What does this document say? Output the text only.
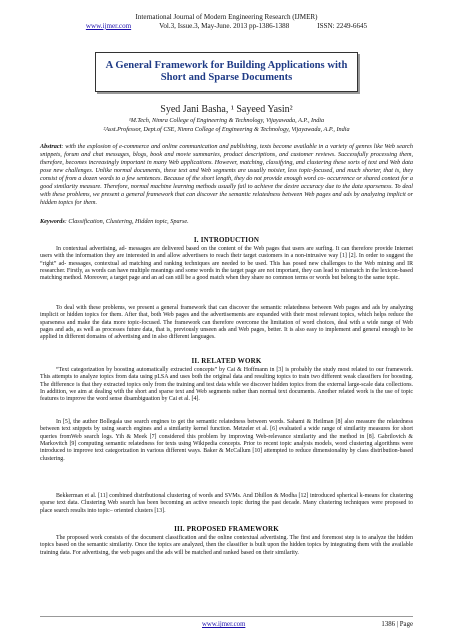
International Journal of Modern Engineering Research (IJMER)
www.ijmer.com	Vol.3, Issue.3, May-June. 2013 pp-1386-1388	ISSN: 2249-6645
A General Framework for Building Applications with Short and Sparse Documents
Syed Jani Basha, ¹ Sayeed Yasin²
¹M.Tech, Nimra College of Engineering & Technology, Vijayawada, A.P., India
²Asst.Professor, Dept.of CSE, Nimra College of Engineering & Technology, Vijayawada, A.P., India
Abstract: with the explosion of e-commerce and online communication and publishing, texts become available in a variety of genres like Web search snippets, forum and chat messages, blogs, book and movie summaries, product descriptions, and customer reviews. Successfully processing them, therefore, becomes increasingly important in many Web applications. However, matching, classifying, and clustering these sorts of text and Web data pose new challenges. Unlike normal documents, these text and Web segments are usually noisier, less topic-focused, and much shorter, that is, they consist of from a dozen words to a few sentences. Because of the short length, they do not provide enough word co- occurrence or shared context for a good similarity measure. Therefore, normal machine learning methods usually fail to achieve the desire accuracy due to the data sparseness. To deal with these problems, we present a general framework that can discover the semantic relatedness between Web pages and ads by analyzing implicit or hidden topics for them.
Keywords: Classification, Clustering, Hidden topic, Sparse.
I. INTRODUCTION
In contextual advertising, ad- messages are delivered based on the content of the Web pages that users are surfing. It can therefore provide Internet users with the information they are interested in and allow advertisers to reach their target customers in a non-intrusive way [1] [2]. In order to suggest the “right” ad- messages, contextual ad matching and ranking techniques are needed to be used. This has posed new challenges to the Web mining and IR researcher. Firstly, as words can have multiple meanings and some words in the target page are not important, they can lead to mismatch in the lexicon-based matching method. Moreover, a target page and an ad can still be a good match when they share no common terms or words but belong to the same topic.
To deal with these problems, we present a general framework that can discover the semantic relatedness between Web pages and ads by analyzing implicit or hidden topics for them. After that, both Web pages and the advertisements are expanded with their most relevant topics, which helps reduce the sparseness and make the data more topic-focused. The framework can therefore overcome the limitation of word choices, deal with a wide range of Web pages and ads, as well as processes future data, that is, previously unseen ads and Web pages, better. It is also easy to implement and general enough to be applied in different domains of advertising and in also different languages.
II. RELATED WORK
“Text categorization by boosting automatically extracted concepts” by Cai & Hoffmann in [3] is probably the study most related to our framework. This attempts to analyze topics from data using pLSA and uses both the original data and resulting topics to train two different weak classifiers for boosting. The difference is that they extracted topics only from the training and test data while we discover hidden topics from the external large-scale data collections. In addition, we aim at dealing with the short and sparse text and Web segments rather than normal text documents. Another related work is the use of topic features to improve the word sense disambiguation by Cai et al. [4].
In [5], the author Bollegala use search engines to get the semantic relatedness between words. Sahami & Heilman [8] also measure the relatedness between text snippets by using search engines and a similarity kernel function. Metzeler et al. [6] evaluated a wide range of similarity measures for short queries fromWeb search logs. Yih & Meek [7] considered this problem by improving Web-relevance similarity and the method in [8]. Gabrilovich & Markovitch [9] computing semantic relatedness for texts using Wikipedia concepts. Prior to recent topic analysis models, word clustering algorithms were introduced to improve text categorization in various different ways. Baker & McCallum [10] attempted to reduce dimensionality by class distribution-based clustering.
Bekkerman et al. [11] combined distributional clustering of words and SVMs. And Dhillon & Modha [12] introduced spherical k-means for clustering sparse text data. Clustering Web search has been becoming an active research topic during the past decade. Many clustering techniques were proposed to place search results into topic– oriented clusters [13].
III. PROPOSED FRAMEWORK
The proposed work consists of the document classification and the online contextual advertising. The first and foremost step is to analyze the hidden topics based on the semantic similarity. Once the topics are analyzed, then the classifier is built upon the hidden topics by integrating them with the available training data. For advertising, the web pages and the ads will be matched and ranked based on their similarity.
www.ijmer.com	1386 | Page
